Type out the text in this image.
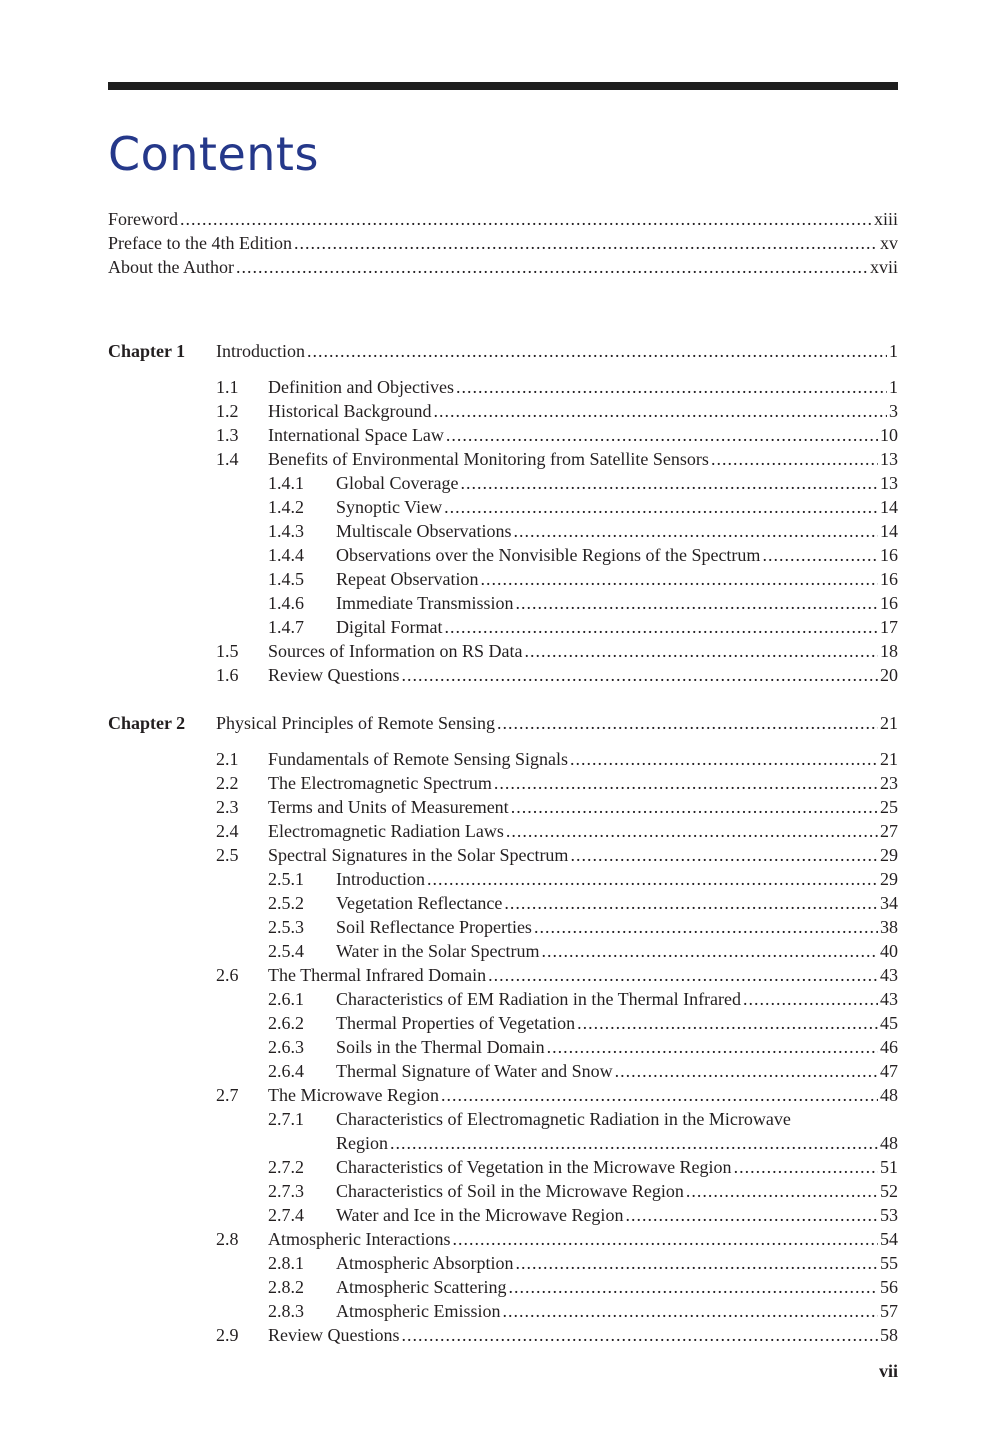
Contents
Foreword .....	xiii
Preface to the 4th Edition .....	xv
About the Author .....	xvii
Chapter 1	Introduction .....	1
1.1	Definition and Objectives .....	1
1.2	Historical Background .....	3
1.3	International Space Law .....	10
1.4	Benefits of Environmental Monitoring from Satellite Sensors .....	13
1.4.1	Global Coverage .....	13
1.4.2	Synoptic View .....	14
1.4.3	Multiscale Observations .....	14
1.4.4	Observations over the Nonvisible Regions of the Spectrum .....	16
1.4.5	Repeat Observation .....	16
1.4.6	Immediate Transmission .....	16
1.4.7	Digital Format .....	17
1.5	Sources of Information on RS Data .....	18
1.6	Review Questions .....	20
Chapter 2	Physical Principles of Remote Sensing .....	21
2.1	Fundamentals of Remote Sensing Signals .....	21
2.2	The Electromagnetic Spectrum .....	23
2.3	Terms and Units of Measurement .....	25
2.4	Electromagnetic Radiation Laws .....	27
2.5	Spectral Signatures in the Solar Spectrum .....	29
2.5.1	Introduction .....	29
2.5.2	Vegetation Reflectance .....	34
2.5.3	Soil Reflectance Properties .....	38
2.5.4	Water in the Solar Spectrum .....	40
2.6	The Thermal Infrared Domain .....	43
2.6.1	Characteristics of EM Radiation in the Thermal Infrared .....	43
2.6.2	Thermal Properties of Vegetation .....	45
2.6.3	Soils in the Thermal Domain .....	46
2.6.4	Thermal Signature of Water and Snow .....	47
2.7	The Microwave Region .....	48
2.7.1	Characteristics of Electromagnetic Radiation in the Microwave
Region .....	48
2.7.2	Characteristics of Vegetation in the Microwave Region .....	51
2.7.3	Characteristics of Soil in the Microwave Region .....	52
2.7.4	Water and Ice in the Microwave Region .....	53
2.8	Atmospheric Interactions .....	54
2.8.1	Atmospheric Absorption .....	55
2.8.2	Atmospheric Scattering .....	56
2.8.3	Atmospheric Emission .....	57
2.9	Review Questions .....	58
vii
